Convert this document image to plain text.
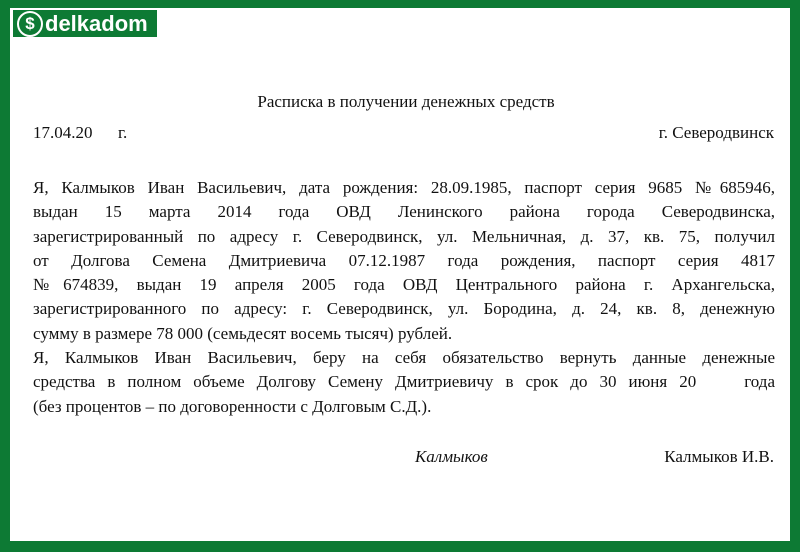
$ delkadom
Расписка в получении денежных средств
17.04.20      г.	г. Северодвинск
Я, Калмыков Иван Васильевич, дата рождения: 28.09.1985, паспорт серия 9685 №685946,
выдан 15 марта 2014 года ОВД Ленинского района города Северодвинска,
зарегистрированный по адресу г. Северодвинск, ул. Мельничная, д. 37, кв. 75, получил
от Долгова Семена Дмитриевича 07.12.1987 года рождения, паспорт серия 4817
№674839, выдан 19 апреля 2005 года ОВД Центрального района г. Архангельска,
зарегистрированного по адресу: г. Северодвинск, ул. Бородина, д. 24, кв. 8, денежную
сумму в размере 78 000 (семьдесят восемь тысяч) рублей.
Я, Калмыков Иван Васильевич, беру на себя обязательство вернуть данные денежные
средства в полном объеме Долгову Семену Дмитриевичу в срок до 30 июня 20    года
(без процентов – по договоренности с Долговым С.Д.).
Калмыков	Калмыков И.В.
